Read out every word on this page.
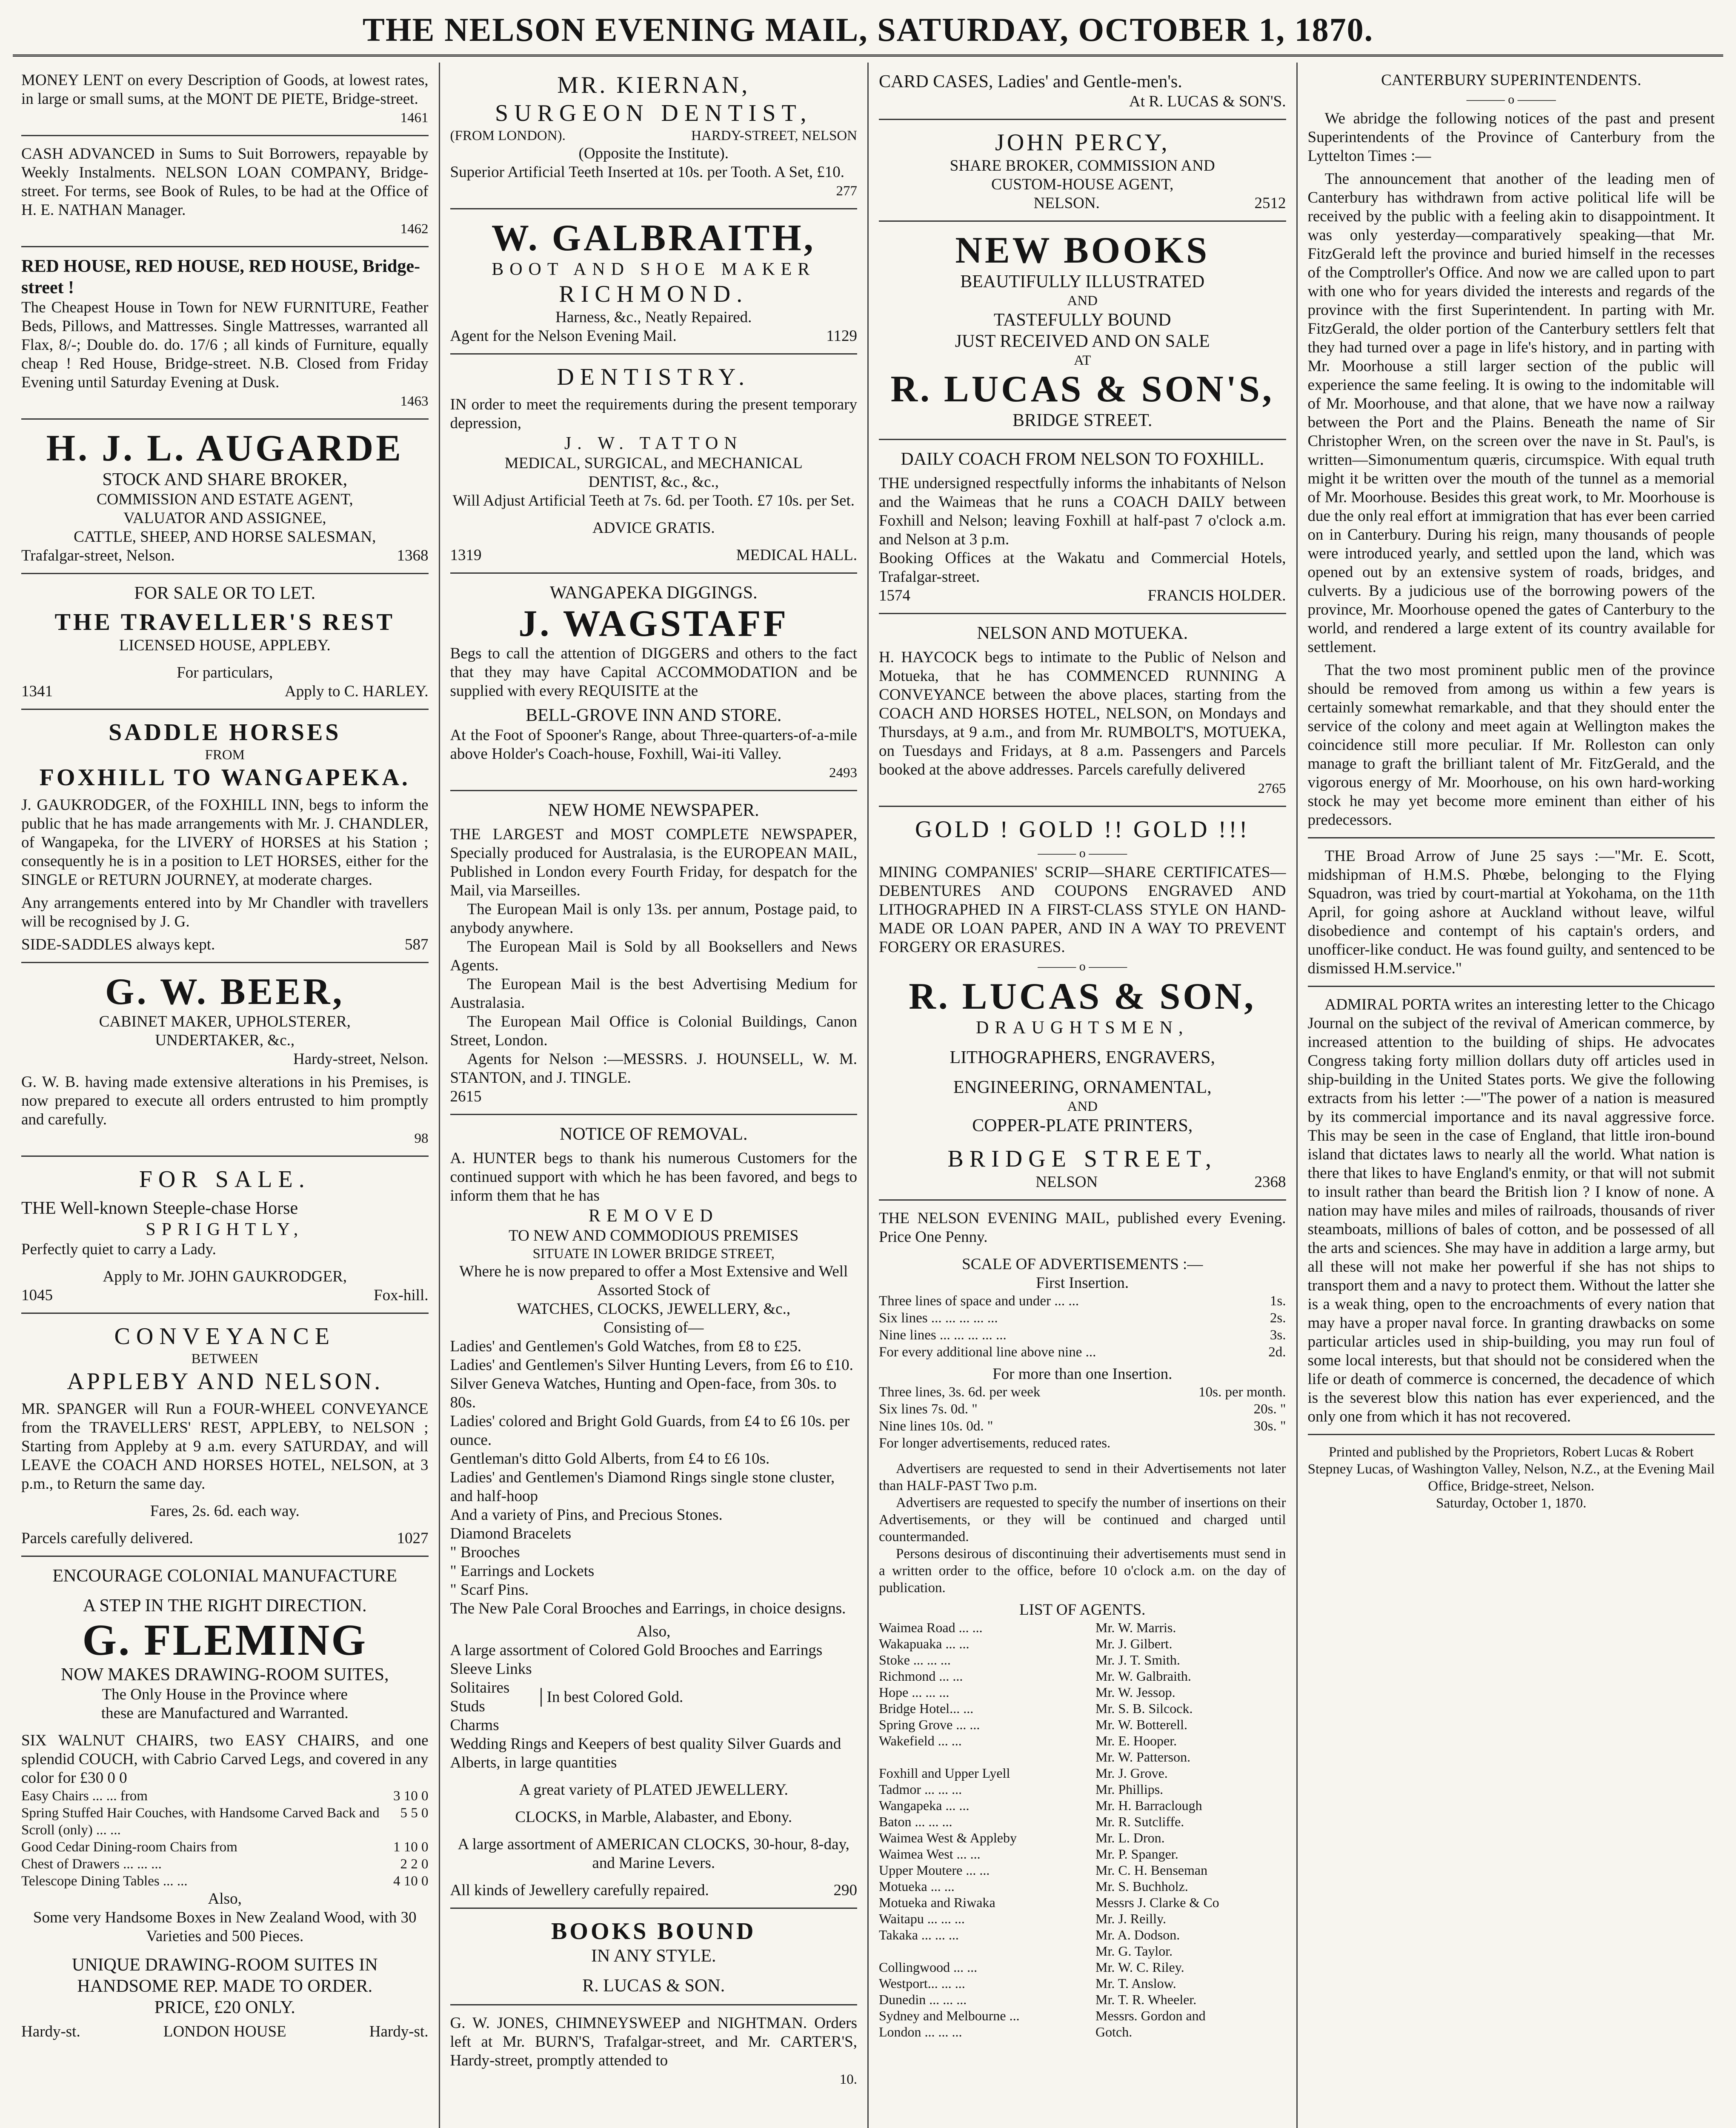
THE NELSON EVENING MAIL, SATURDAY, OCTOBER 1, 1870.
MONEY LENT on every Description of Goods, at lowest rates, in large or small sums, at the MONT DE PIETE, Bridge-street.
1461
CASH ADVANCED in Sums to Suit Borrowers, repayable by Weekly Instalments. NELSON LOAN COMPANY, Bridge-street. For terms, see Book of Rules, to be had at the Office of H. E. NATHAN Manager.
1462
RED HOUSE, RED HOUSE, RED HOUSE, Bridge-street !
The Cheapest House in Town for NEW FURNITURE, Feather Beds, Pillows, and Mattresses. Single Mattresses, warranted all Flax, 8/-; Double do. do. 17/6 ; all kinds of Furniture, equally cheap ! Red House, Bridge-street. N.B. Closed from Friday Evening until Saturday Evening at Dusk.
1463
H. J. L. AUGARDE
STOCK AND SHARE BROKER,
COMMISSION AND ESTATE AGENT,
VALUATOR AND ASSIGNEE,
CATTLE, SHEEP, AND HORSE SALESMAN,
Trafalgar-street, Nelson.	1368
FOR SALE OR TO LET.
THE TRAVELLER'S REST
LICENSED HOUSE, APPLEBY.
For particulars,
1341	Apply to C. HARLEY.
SADDLE HORSES
FROM
FOXHILL TO WANGAPEKA.
J. GAUKRODGER, of the FOXHILL INN, begs to inform the public that he has made arrangements with Mr. J. CHANDLER, of Wangapeka, for the LIVERY of HORSES at his Station ; consequently he is in a position to LET HORSES, either for the SINGLE or RETURN JOURNEY, at moderate charges.
Any arrangements entered into by Mr Chandler with travellers will be recognised by J. G.
SIDE-SADDLES always kept.	587
G. W. BEER,
CABINET MAKER, UPHOLSTERER,
UNDERTAKER, &c.,
Hardy-street, Nelson.
G. W. B. having made extensive alterations in his Premises, is now prepared to execute all orders entrusted to him promptly and carefully.
98
FOR SALE.
THE Well-known Steeple-chase Horse
SPRIGHTLY,
Perfectly quiet to carry a Lady.
Apply to Mr. JOHN GAUKRODGER,
1045	Fox-hill.
CONVEYANCE
BETWEEN
APPLEBY AND NELSON.
MR. SPANGER will Run a FOUR-WHEEL CONVEYANCE from the TRAVELLERS' REST, APPLEBY, to NELSON ; Starting from Appleby at 9 a.m. every SATURDAY, and will LEAVE the COACH AND HORSES HOTEL, NELSON, at 3 p.m., to Return the same day.
Fares, 2s. 6d. each way.
Parcels carefully delivered.	1027
ENCOURAGE COLONIAL MANUFACTURE
A STEP IN THE RIGHT DIRECTION.
G. FLEMING
NOW MAKES DRAWING-ROOM SUITES,
The Only House in the Province where
these are Manufactured and Warranted.
SIX WALNUT CHAIRS, two EASY CHAIRS, and one splendid COUCH, with Cabrio Carved Legs, and covered in any color for £30 0 0
Easy Chairs ... ... from	3 10 0
Spring Stuffed Hair Couches, with Handsome Carved Back and Scroll (only) ... ...	5 5 0
Good Cedar Dining-room Chairs from	1 10 0
Chest of Drawers ... ... ...	2 2 0
Telescope Dining Tables ... ...	4 10 0
Also,
Some very Handsome Boxes in New Zealand Wood, with 30 Varieties and 500 Pieces.
UNIQUE DRAWING-ROOM SUITES IN HANDSOME REP. MADE TO ORDER.
PRICE, £20 ONLY.
Hardy-st.	LONDON HOUSE	Hardy-st.
MR. KIERNAN,
SURGEON DENTIST,
(FROM LONDON).	HARDY-STREET, NELSON
(Opposite the Institute).
Superior Artificial Teeth Inserted at 10s. per Tooth. A Set, £10.
277
W. GALBRAITH,
BOOT AND SHOE MAKER
RICHMOND.
Harness, &c., Neatly Repaired.
Agent for the Nelson Evening Mail.	1129
DENTISTRY.
IN order to meet the requirements during the present temporary depression,
J. W. TATTON
MEDICAL, SURGICAL, and MECHANICAL
DENTIST, &c., &c.,
Will Adjust Artificial Teeth at 7s. 6d. per Tooth. £7 10s. per Set.
ADVICE GRATIS.
1319	MEDICAL HALL.
WANGAPEKA DIGGINGS.
J. WAGSTAFF
Begs to call the attention of DIGGERS and others to the fact that they may have Capital ACCOMMODATION and be supplied with every REQUISITE at the
BELL-GROVE INN AND STORE.
At the Foot of Spooner's Range, about Three-quarters-of-a-mile above Holder's Coach-house, Foxhill, Wai-iti Valley.
2493
NEW HOME NEWSPAPER.
THE LARGEST and MOST COMPLETE NEWSPAPER, Specially produced for Australasia, is the EUROPEAN MAIL, Published in London every Fourth Friday, for despatch for the Mail, via Marseilles.
The European Mail is only 13s. per annum, Postage paid, to anybody anywhere.
The European Mail is Sold by all Booksellers and News Agents.
The European Mail is the best Advertising Medium for Australasia.
The European Mail Office is Colonial Buildings, Canon Street, London.
Agents for Nelson :—MESSRS. J. HOUNSELL, W. M. STANTON, and J. TINGLE.
2615
NOTICE OF REMOVAL.
A. HUNTER begs to thank his numerous Customers for the continued support with which he has been favored, and begs to inform them that he has
REMOVED
TO NEW AND COMMODIOUS PREMISES
SITUATE IN LOWER BRIDGE STREET,
Where he is now prepared to offer a Most Extensive and Well Assorted Stock of
WATCHES, CLOCKS, JEWELLERY, &c.,
Consisting of—
Ladies' and Gentlemen's Gold Watches, from £8 to £25.
Ladies' and Gentlemen's Silver Hunting Levers, from £6 to £10.
Silver Geneva Watches, Hunting and Open-face, from 30s. to 80s.
Ladies' colored and Bright Gold Guards, from £4 to £6 10s. per ounce.
Gentleman's ditto Gold Alberts, from £4 to £6 10s.
Ladies' and Gentlemen's Diamond Rings single stone cluster, and half-hoop
And a variety of Pins, and Precious Stones.
Diamond Bracelets
" Brooches
" Earrings and Lockets
" Scarf Pins.
The New Pale Coral Brooches and Earrings, in choice designs.
Also,
A large assortment of Colored Gold Brooches and Earrings
Sleeve Links
Solitaires
Studs
Charms
In best Colored Gold.
Wedding Rings and Keepers of best quality Silver Guards and Alberts, in large quantities
A great variety of PLATED JEWELLERY.
CLOCKS, in Marble, Alabaster, and Ebony.
A large assortment of AMERICAN CLOCKS, 30-hour, 8-day, and Marine Levers.
All kinds of Jewellery carefully repaired.	290
BOOKS BOUND
IN ANY STYLE.
R. LUCAS & SON.
G. W. JONES, CHIMNEYSWEEP and NIGHTMAN. Orders left at Mr. BURN'S, Trafalgar-street, and Mr. CARTER'S, Hardy-street, promptly attended to
10.
CARD CASES, Ladies' and Gentle-men's.
At R. LUCAS & SON'S.
JOHN PERCY,
SHARE BROKER, COMMISSION AND
CUSTOM-HOUSE AGENT,
NELSON.	2512
NEW BOOKS
BEAUTIFULLY ILLUSTRATED
AND
TASTEFULLY BOUND
JUST RECEIVED AND ON SALE
AT
R. LUCAS & SON'S,
BRIDGE STREET.
DAILY COACH FROM NELSON TO FOXHILL.
THE undersigned respectfully informs the inhabitants of Nelson and the Waimeas that he runs a COACH DAILY between Foxhill and Nelson; leaving Foxhill at half-past 7 o'clock a.m. and Nelson at 3 p.m.
Booking Offices at the Wakatu and Commercial Hotels, Trafalgar-street.
1574	FRANCIS HOLDER.
NELSON AND MOTUEKA.
H. HAYCOCK begs to intimate to the Public of Nelson and Motueka, that he has COMMENCED RUNNING A CONVEYANCE between the above places, starting from the COACH AND HORSES HOTEL, NELSON, on Mondays and Thursdays, at 9 a.m., and from Mr. RUMBOLT'S, MOTUEKA, on Tuesdays and Fridays, at 8 a.m. Passengers and Parcels booked at the above addresses. Parcels carefully delivered
2765
GOLD ! GOLD !! GOLD !!!
——— o ———
MINING COMPANIES' SCRIP—SHARE CERTIFICATES—DEBENTURES AND COUPONS ENGRAVED AND LITHOGRAPHED IN A FIRST-CLASS STYLE ON HAND-MADE OR LOAN PAPER, AND IN A WAY TO PREVENT FORGERY OR ERASURES.
——— o ———
R. LUCAS & SON,
DRAUGHTSMEN,
LITHOGRAPHERS, ENGRAVERS,
ENGINEERING, ORNAMENTAL,
AND
COPPER-PLATE PRINTERS,
BRIDGE STREET,
NELSON	2368
THE NELSON EVENING MAIL, published every Evening. Price One Penny.
SCALE OF ADVERTISEMENTS :—
First Insertion.
Three lines of space and under ... ...	1s.
Six lines ... ... ... ... ...	2s.
Nine lines ... ... ... ... ...	3s.
For every additional line above nine ...	2d.
For more than one Insertion.
Three lines, 3s. 6d. per week	10s. per month.
Six lines 7s. 0d. "	20s. "
Nine lines 10s. 0d. "	30s. "
For longer advertisements, reduced rates.
Advertisers are requested to send in their Advertisements not later than HALF-PAST Two p.m.
Advertisers are requested to specify the number of insertions on their Advertisements, or they will be continued and charged until countermanded.
Persons desirous of discontinuing their advertisements must send in a written order to the office, before 10 o'clock a.m. on the day of publication.
LIST OF AGENTS.
Waimea Road ... ...	Mr. W. Marris.
Wakapuaka ... ...	Mr. J. Gilbert.
Stoke ... ... ...	Mr. J. T. Smith.
Richmond ... ...	Mr. W. Galbraith.
Hope ... ... ...	Mr. W. Jessop.
Bridge Hotel... ...	Mr. S. B. Silcock.
Spring Grove ... ...	Mr. W. Botterell.
Wakefield ... ...	Mr. E. Hooper.
	Mr. W. Patterson.
Foxhill and Upper Lyell	Mr. J. Grove.
Tadmor ... ... ...	Mr. Phillips.
Wangapeka ... ...	Mr. H. Barraclough
Baton ... ... ...	Mr. R. Sutcliffe.
Waimea West & Appleby	Mr. L. Dron.
Waimea West ... ...	Mr. P. Spanger.
Upper Moutere ... ...	Mr. C. H. Benseman
Motueka ... ...	Mr. S. Buchholz.
Motueka and Riwaka	Messrs J. Clarke & Co
Waitapu ... ... ...	Mr. J. Reilly.
Takaka ... ... ...	Mr. A. Dodson.
	Mr. G. Taylor.
Collingwood ... ...	Mr. W. C. Riley.
Westport... ... ...	Mr. T. Anslow.
Dunedin ... ... ...	Mr. T. R. Wheeler.
Sydney and Melbourne ...	Messrs. Gordon and
London ... ... ...	Gotch.
CANTERBURY SUPERINTENDENTS.
——— o ———

We abridge the following notices of the past and present Superintendents of the Province of Canterbury from the Lyttelton Times :—

The announcement that another of the leading men of Canterbury has withdrawn from active political life will be received by the public with a feeling akin to disappointment. It was only yesterday—comparatively speaking—that Mr. FitzGerald left the province and buried himself in the recesses of the Comptroller's Office. And now we are called upon to part with one who for years divided the interests and regards of the province with the first Superintendent. In parting with Mr. FitzGerald, the older portion of the Canterbury settlers felt that they had turned over a page in life's history, and in parting with Mr. Moorhouse a still larger section of the public will experience the same feeling. It is owing to the indomitable will of Mr. Moorhouse, and that alone, that we have now a railway between the Port and the Plains. Beneath the name of Sir Christopher Wren, on the screen over the nave in St. Paul's, is written—Simonumentum quæris, circumspice. With equal truth might it be written over the mouth of the tunnel as a memorial of Mr. Moorhouse. Besides this great work, to Mr. Moorhouse is due the only real effort at immigration that has ever been carried on in Canterbury. During his reign, many thousands of people were introduced yearly, and settled upon the land, which was opened out by an extensive system of roads, bridges, and culverts. By a judicious use of the borrowing powers of the province, Mr. Moorhouse opened the gates of Canterbury to the world, and rendered a large extent of its country available for settlement.

That the two most prominent public men of the province should be removed from among us within a few years is certainly somewhat remarkable, and that they should enter the service of the colony and meet again at Wellington makes the coincidence still more peculiar. If Mr. Rolleston can only manage to graft the brilliant talent of Mr. FitzGerald, and the vigorous energy of Mr. Moorhouse, on his own hard-working stock he may yet become more eminent than either of his predecessors.

THE Broad Arrow of June 25 says :—"Mr. E. Scott, midshipman of H.M.S. Phœbe, belonging to the Flying Squadron, was tried by court-martial at Yokohama, on the 11th April, for going ashore at Auckland without leave, wilful disobedience and contempt of his captain's orders, and unofficer-like conduct. He was found guilty, and sentenced to be dismissed H.M.service."

ADMIRAL PORTA writes an interesting letter to the Chicago Journal on the subject of the revival of American commerce, by increased attention to the building of ships. He advocates Congress taking forty million dollars duty off articles used in ship-building in the United States ports. We give the following extracts from his letter :—"The power of a nation is measured by its commercial importance and its naval aggressive force. This may be seen in the case of England, that little iron-bound island that dictates laws to nearly all the world. What nation is there that likes to have England's enmity, or that will not submit to insult rather than beard the British lion ? I know of none. A nation may have miles and miles of railroads, thousands of river steamboats, millions of bales of cotton, and be possessed of all the arts and sciences. She may have in addition a large army, but all these will not make her powerful if she has not ships to transport them and a navy to protect them. Without the latter she is a weak thing, open to the encroachments of every nation that may have a proper naval force. In granting drawbacks on some particular articles used in ship-building, you may run foul of some local interests, but that should not be considered when the life or death of commerce is concerned, the decadence of which is the severest blow this nation has ever experienced, and the only one from which it has not recovered.

Printed and published by the Proprietors, Robert Lucas & Robert Stepney Lucas, of Washington Valley, Nelson, N.Z., at the Evening Mail Office, Bridge-street, Nelson.
Saturday, October 1, 1870.
